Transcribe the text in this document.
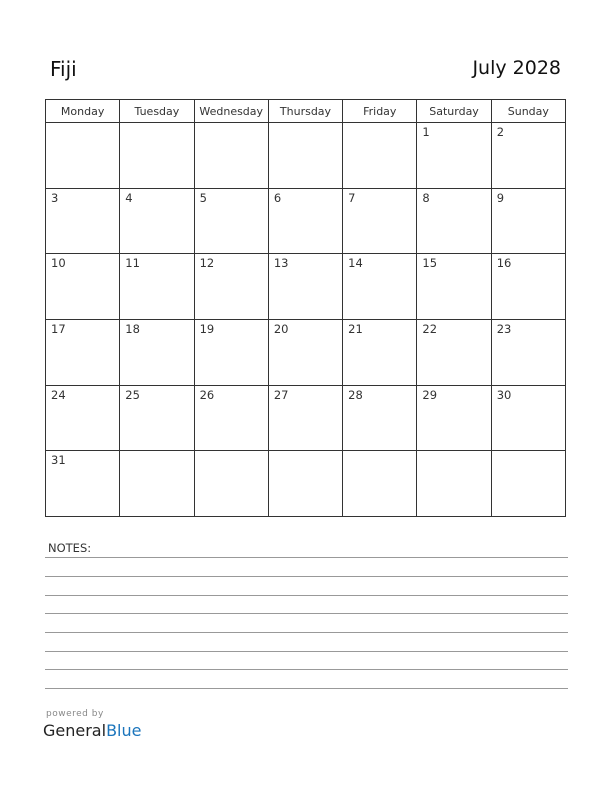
Fiji	July 2028
Monday	Tuesday	Wednesday	Thursday	Friday	Saturday	Sunday

					1	2

3	4	5	6	7	8	9

10	11	12	13	14	15	16

17	18	19	20	21	22	23

24	25	26	27	28	29	30

31						

NOTES:
powered by
GeneralBlue
